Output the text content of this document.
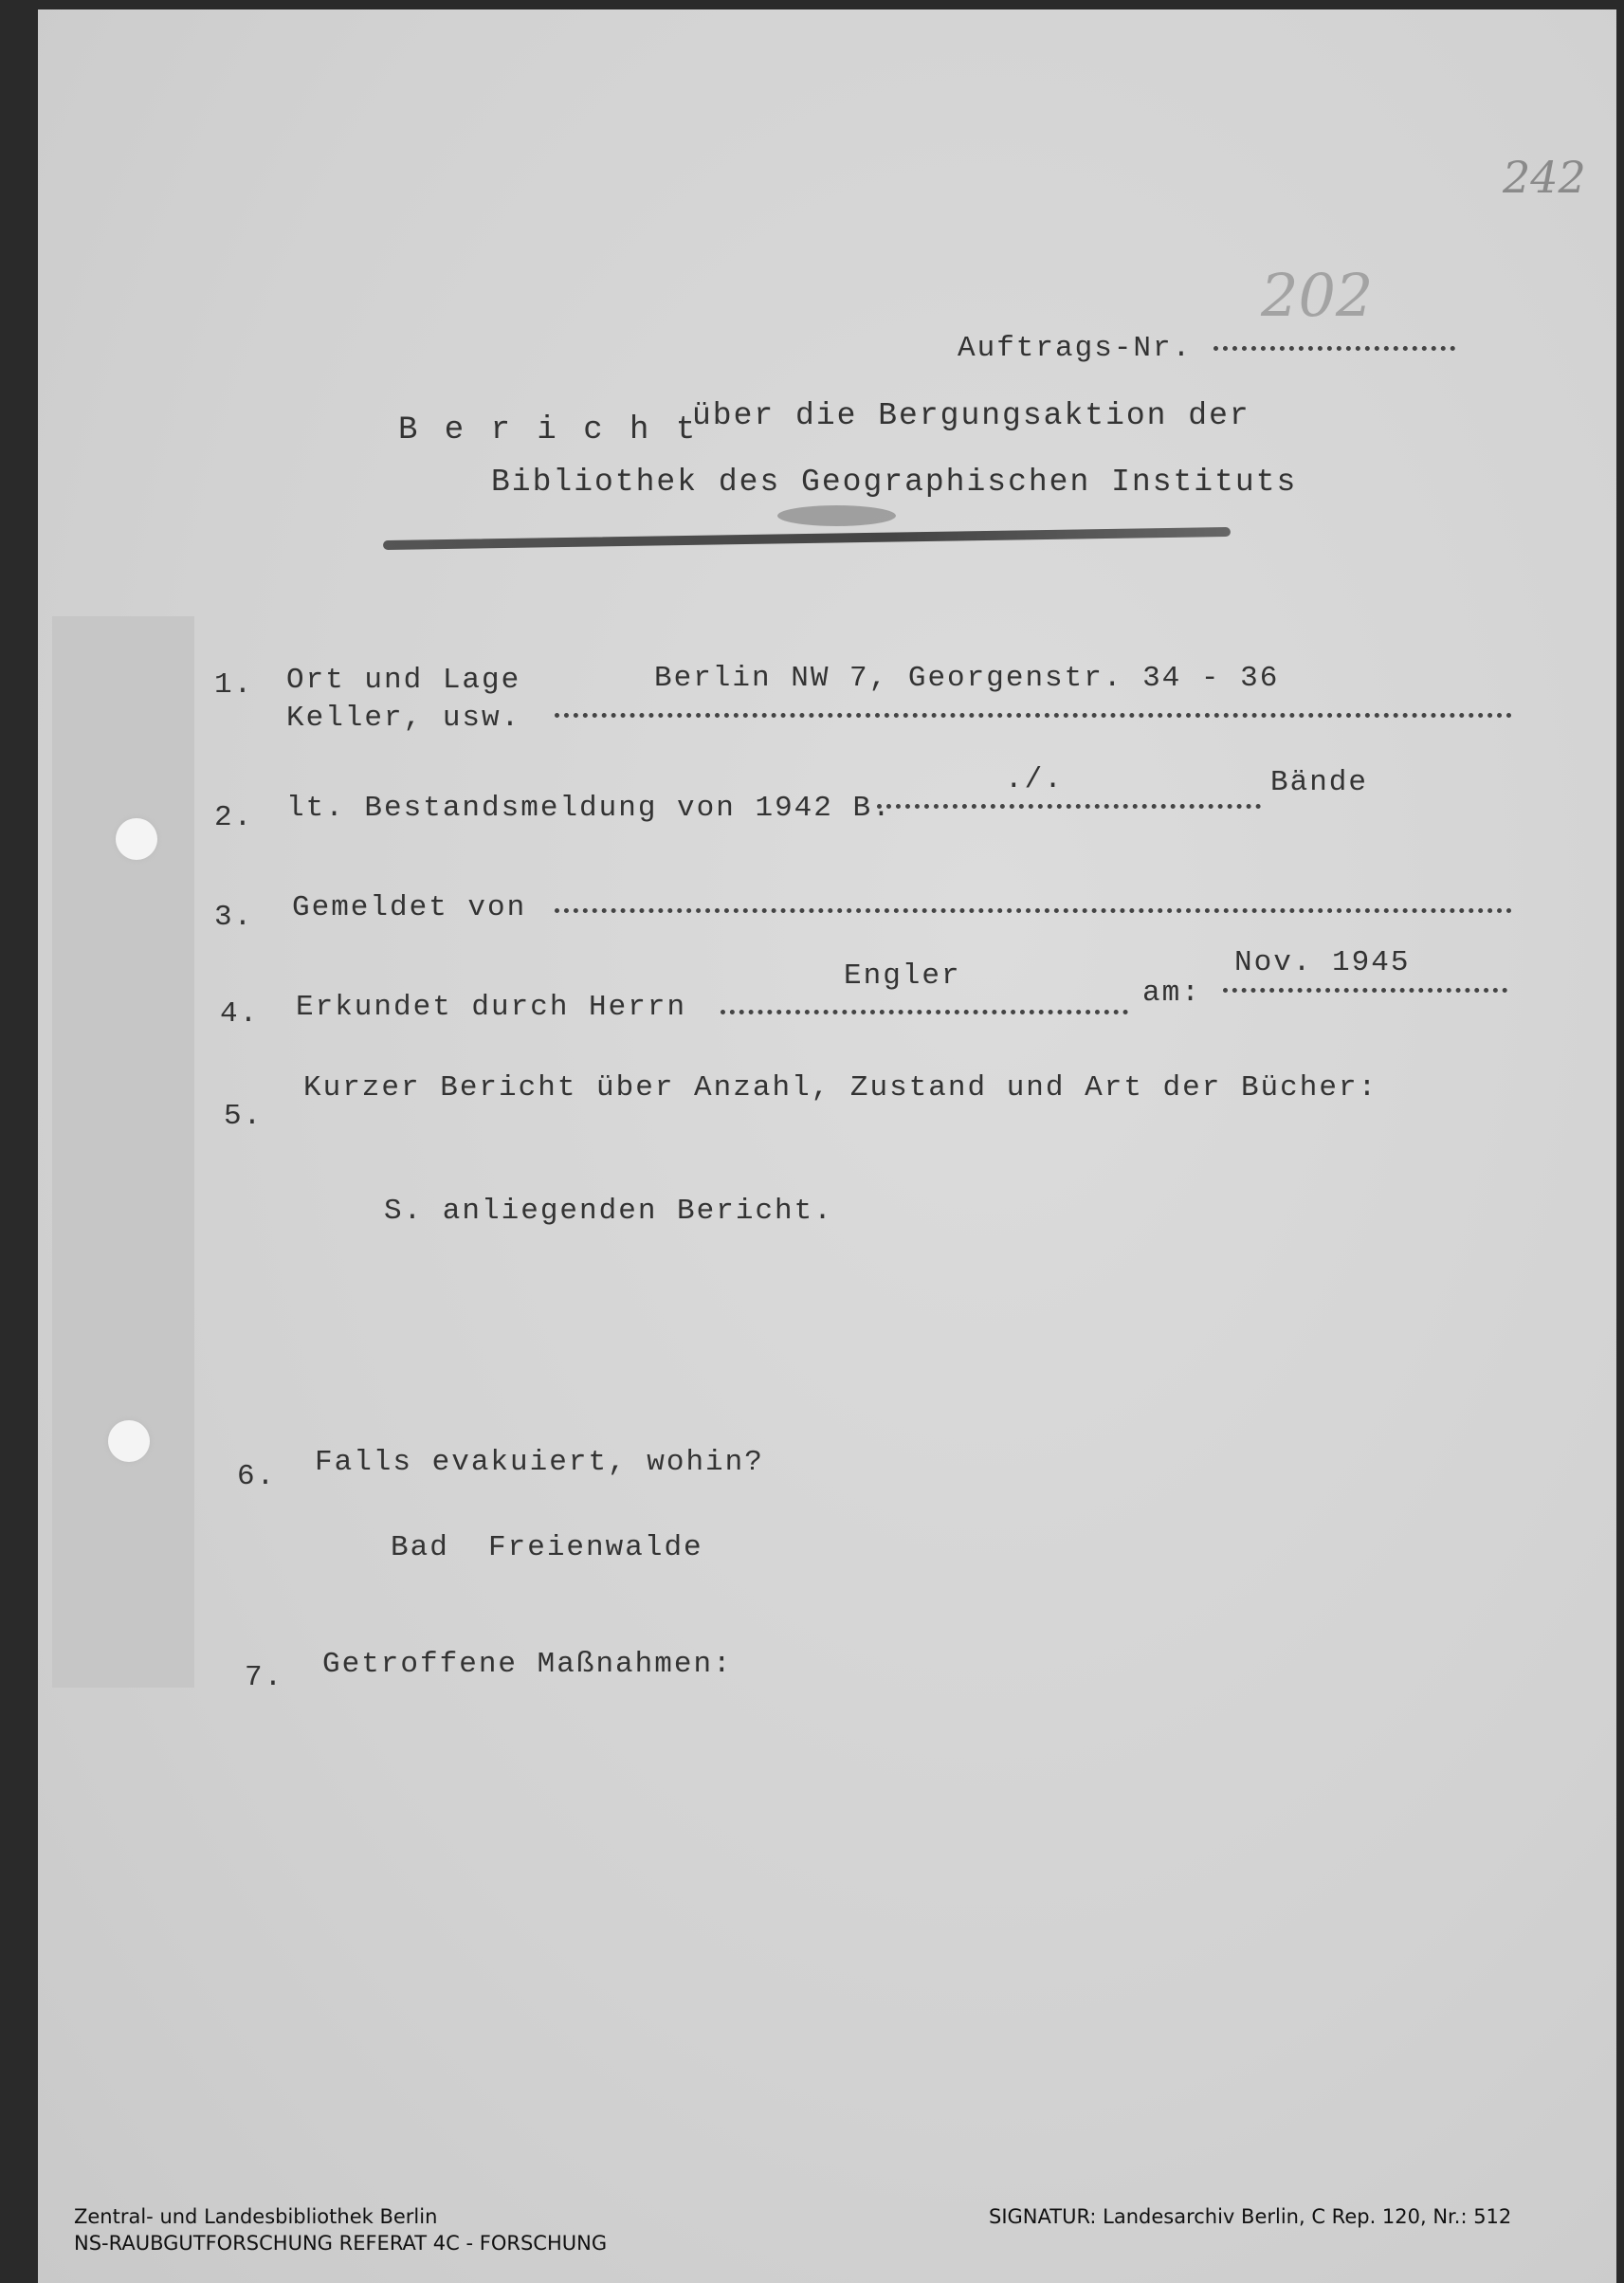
242
202
Auftrags-Nr.
B e r i c h t
über die Bergungsaktion der
Bibliothek des Geographischen Instituts
1. Ort und Lage
Keller, usw.
Berlin NW 7, Georgenstr. 34 - 36
2. lt. Bestandsmeldung von 1942 B.
./.	Bände
3. Gemeldet von
4. Erkundet durch Herrn
Engler
am:
Nov. 1945
5.
Kurzer Bericht über Anzahl, Zustand und Art der Bücher:
S. anliegenden Bericht.
6. Falls evakuiert, wohin?
Bad  Freienwalde
7. Getroffene Maßnahmen:
Zentral- und Landesbibliothek Berlin
NS-RAUBGUTFORSCHUNG REFERAT 4C - FORSCHUNG
SIGNATUR: Landesarchiv Berlin, C Rep. 120, Nr.: 512
